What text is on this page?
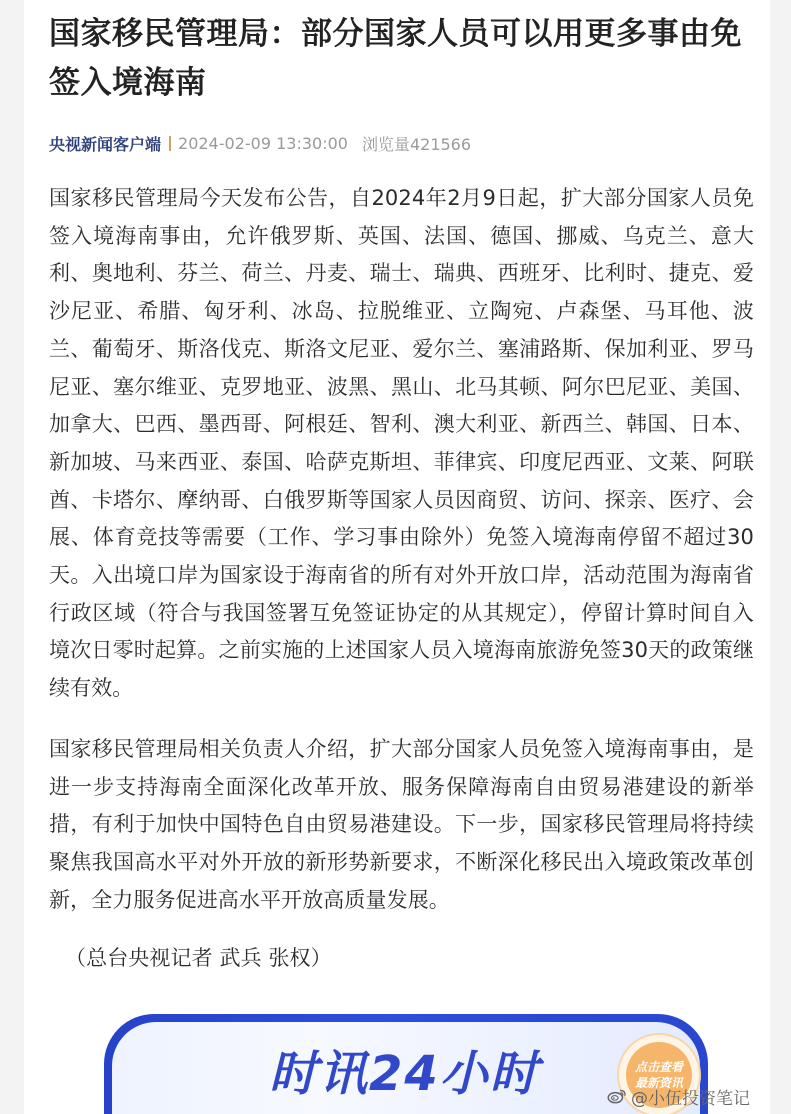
国家移民管理局：部分国家人员可以用更多事由免签入境海南
央视新闻客户端 2024-02-09 13:30:00 浏览量421566

国家移民管理局今天发布公告，自2024年2月9日起，扩大部分国家人员免签入境海南事由，允许俄罗斯、英国、法国、德国、挪威、乌克兰、意大利、奥地利、芬兰、荷兰、丹麦、瑞士、瑞典、西班牙、比利时、捷克、爱沙尼亚、希腊、匈牙利、冰岛、拉脱维亚、立陶宛、卢森堡、马耳他、波兰、葡萄牙、斯洛伐克、斯洛文尼亚、爱尔兰、塞浦路斯、保加利亚、罗马尼亚、塞尔维亚、克罗地亚、波黑、黑山、北马其顿、阿尔巴尼亚、美国、加拿大、巴西、墨西哥、阿根廷、智利、澳大利亚、新西兰、韩国、日本、新加坡、马来西亚、泰国、哈萨克斯坦、菲律宾、印度尼西亚、文莱、阿联酋、卡塔尔、摩纳哥、白俄罗斯等国家人员因商贸、访问、探亲、医疗、会展、体育竞技等需要（工作、学习事由除外）免签入境海南停留不超过30天。入出境口岸为国家设于海南省的所有对外开放口岸，活动范围为海南省行政区域（符合与我国签署互免签证协定的从其规定），停留计算时间自入境次日零时起算。之前实施的上述国家人员入境海南旅游免签30天的政策继续有效。

国家移民管理局相关负责人介绍，扩大部分国家人员免签入境海南事由，是进一步支持海南全面深化改革开放、服务保障海南自由贸易港建设的新举措，有利于加快中国特色自由贸易港建设。下一步，国家移民管理局将持续聚焦我国高水平对外开放的新形势新要求，不断深化移民出入境政策改革创新，全力服务促进高水平开放高质量发展。

（总台央视记者 武兵 张权）
时讯24小时	点击查看
最新资讯
@小伍投资笔记
